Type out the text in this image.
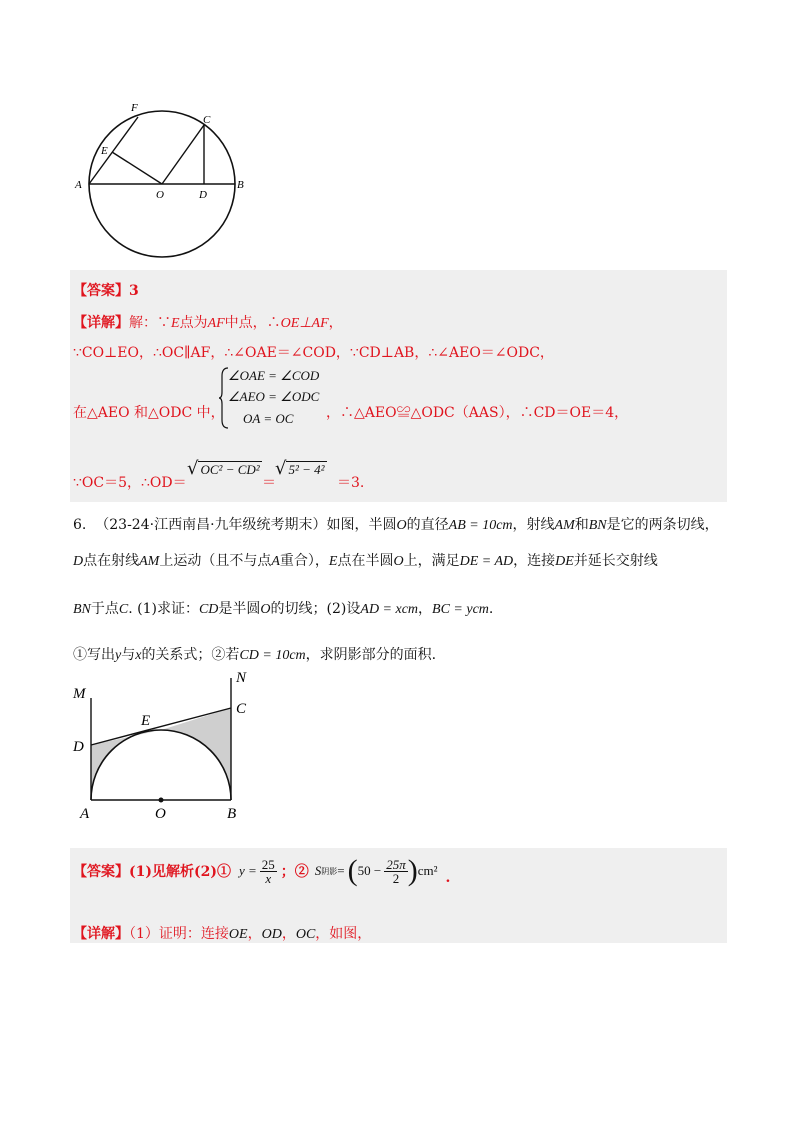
F
C
E
A
O	D
B
【答案】3
【详解】解：∵E点为AF中点，∴OE⊥AF，
∵CO⊥EO，∴OC∥AF，∴∠OAE＝∠COD，∵CD⊥AB，∴∠AEO＝∠ODC，
在△AEO 和△ODC 中，
∠OAE = ∠COD
∠AEO = ∠ODC
OA = OC ，∴△AEO≌△ODC（AAS），∴CD＝OE＝4，
∵OC＝5，∴OD＝
√ OC² − CD²
＝
√ 5² − 4²
＝3.
6. （23-24·江西南昌·九年级统考期末）如图，半圆O的直径AB = 10cm，射线AM和BN是它的两条切线，
D点在射线AM上运动（且不与点A重合），E点在半圆O上，满足DE = AD，连接DE并延长交射线
BN于点C. (1)求证：CD是半圆O的切线；(2)设AD = xcm，BC = ycm.
①写出y与x的关系式；②若CD = 10cm，求阴影部分的面积.
M
N
E
C
D
A	O	B
【答案】 (1)见解析(2)① $y = \frac{25}{x}$ ；② S 阴影 = ( $50 - \frac{25\pi}{2}$ ) cm² .
【详解】（1）证明：连接OE，OD，OC，如图，
